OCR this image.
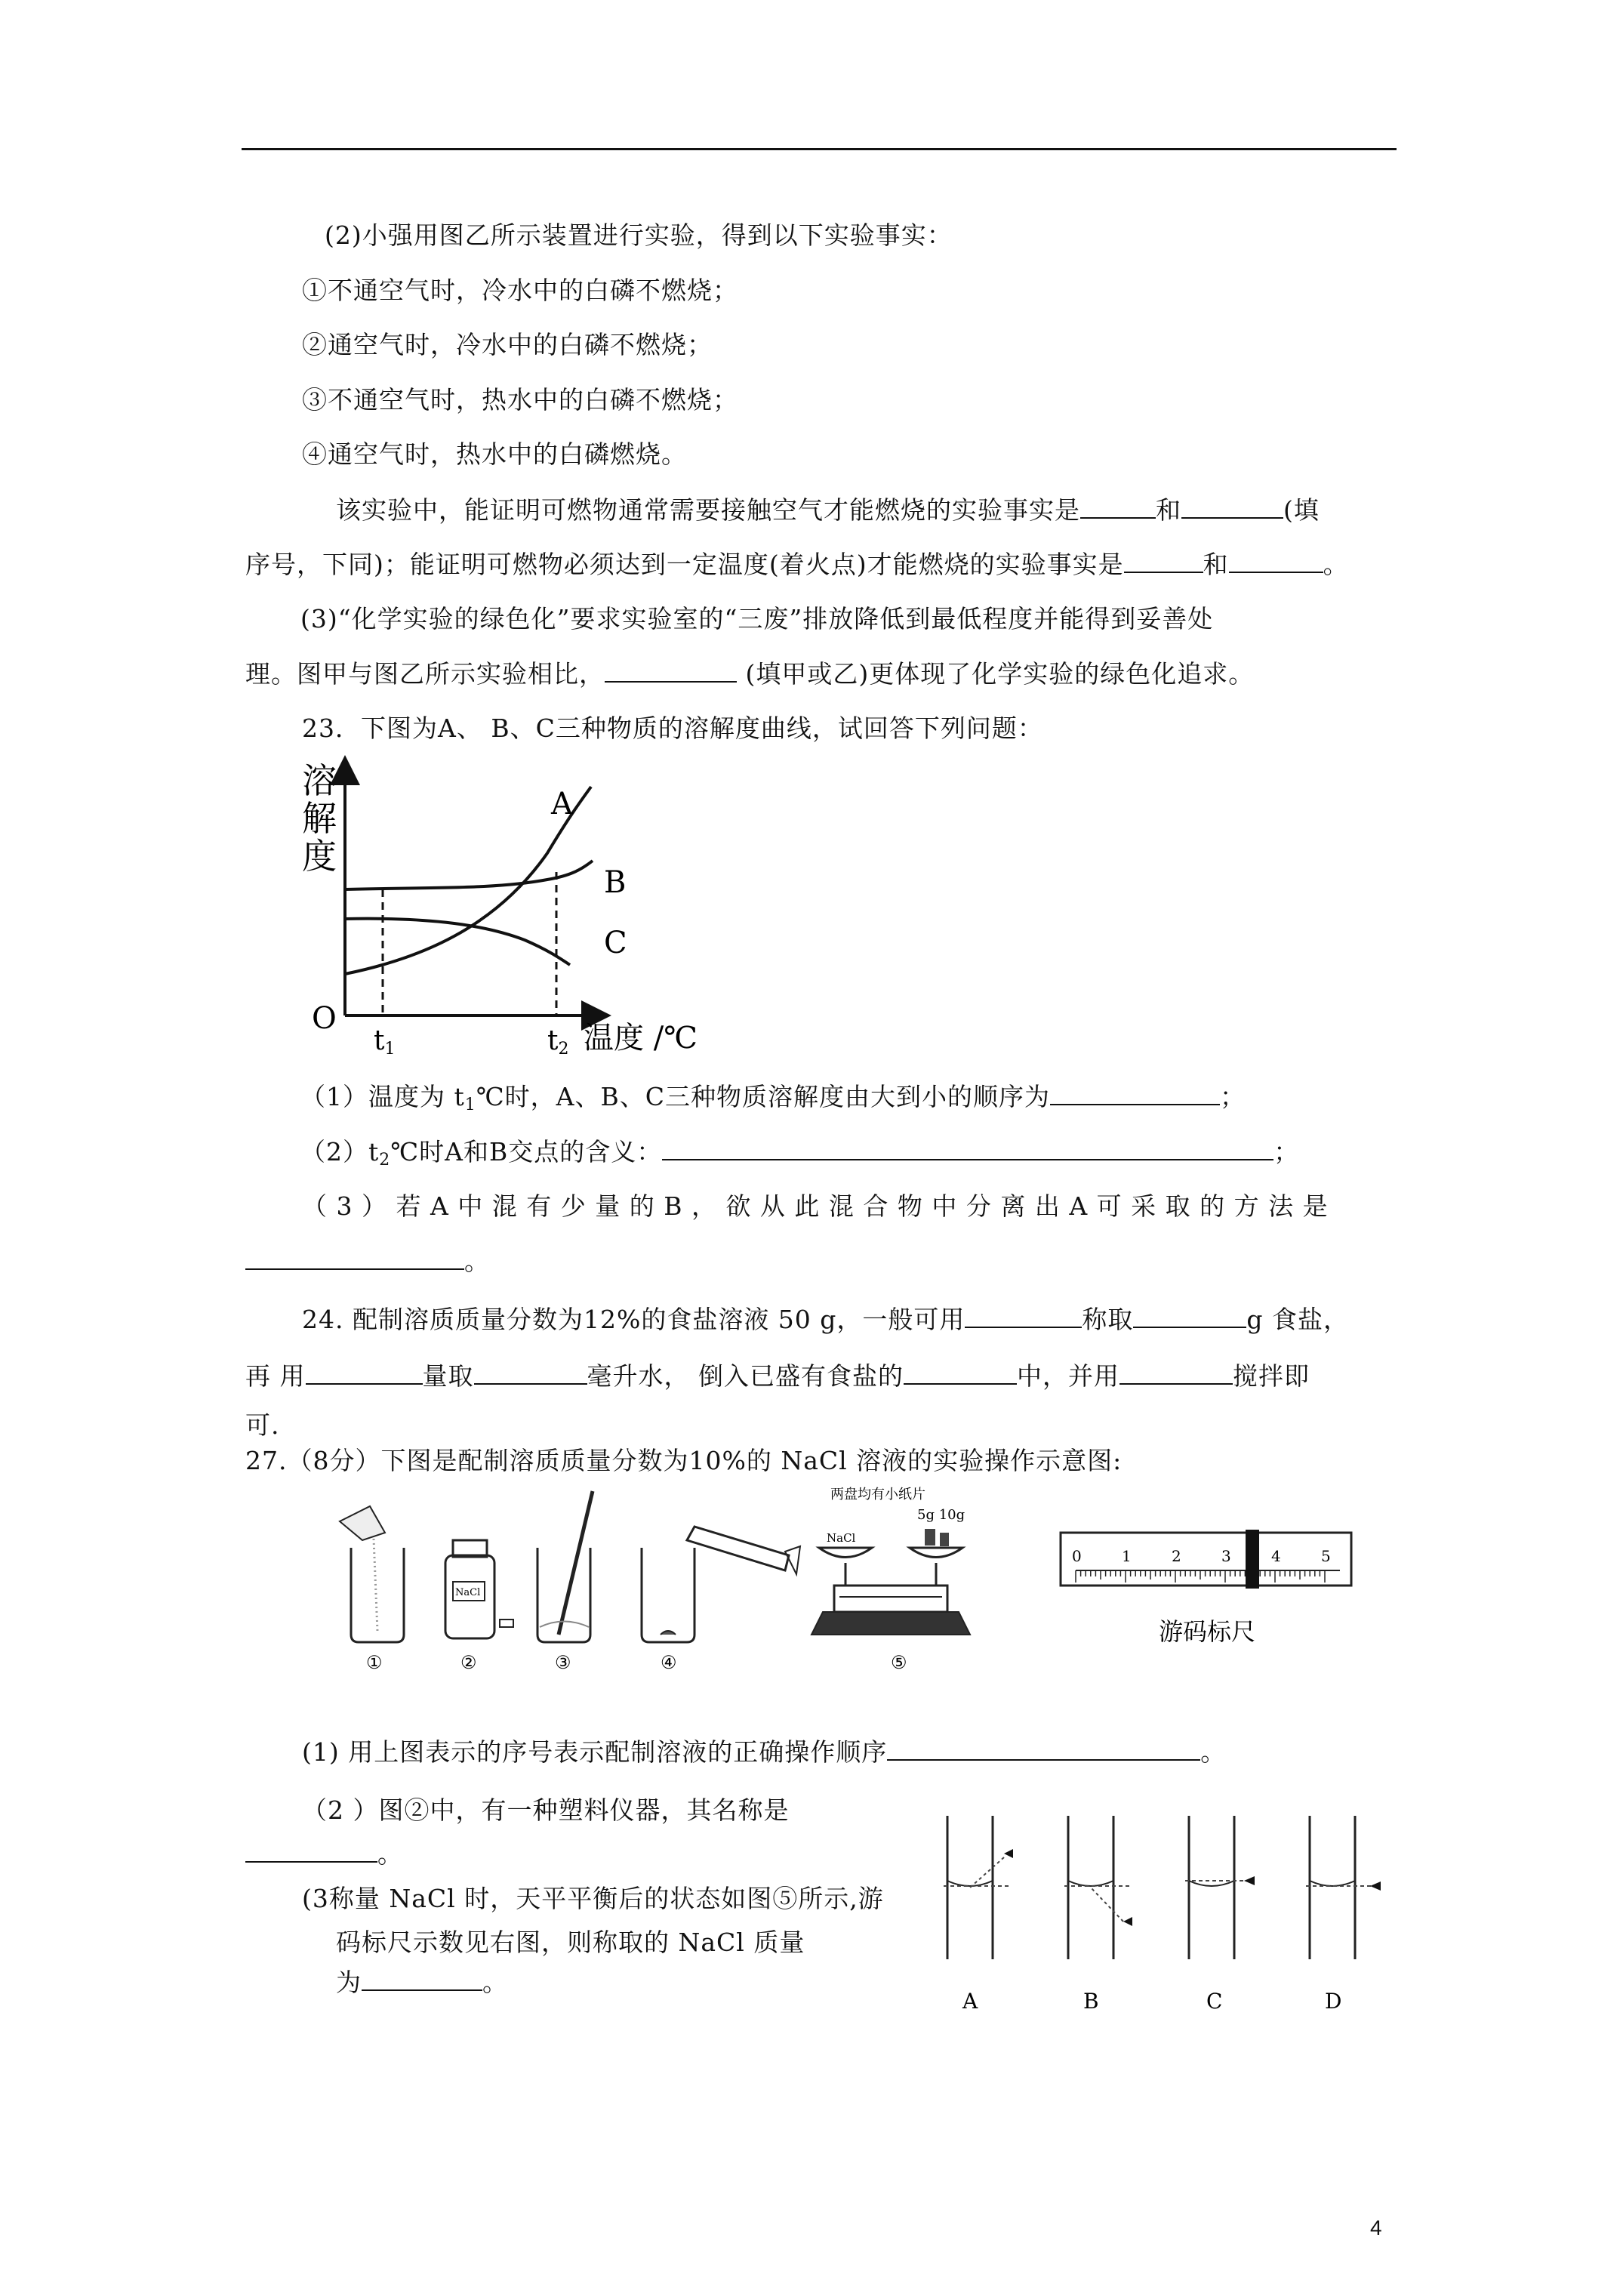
(2)小强用图乙所示装置进行实验，得到以下实验事实：
①不通空气时，冷水中的白磷不燃烧；
②通空气时，冷水中的白磷不燃烧；
③不通空气时，热水中的白磷不燃烧；
④通空气时，热水中的白磷燃烧。
该实验中，能证明可燃物通常需要接触空气才能燃烧的实验事实是	和	(填
序号，下同)；能证明可燃物必须达到一定温度(着火点)才能燃烧的实验事实是	和	。
(3)“化学实验的绿色化”要求实验室的“三废”排放降低到最低程度并能得到妥善处
理。图甲与图乙所示实验相比，	(填甲或乙)更体现了化学实验的绿色化追求。
23．下图为A、 B、C三种物质的溶解度曲线，试回答下列问题：
溶
解
度
A
B
C
O
t1	t2 温度 /℃
（1）温度为 $t_1℃$时，A、B、C三种物质溶解度由大到小的顺序为	；
$(2)t_2℃$时A和B交点的含义：	；
（ 3 ） 若 A 中 混 有 少 量 的 B ， 欲 从 此 混 合 物 中 分 离 出 A 可 采 取 的 方 法 是
。
24. 配制溶质质量分数为12%的食盐溶液 50 g，一般可用	称取	g 食盐，
再 用	量取	毫升水， 倒入已盛有食盐的	中，并用	搅拌即
可.
27.（8分）下图是配制溶质质量分数为10%的 NaCl 溶液的实验操作示意图:
①
NaCl
②	③	④
两盘均有小纸片
5g 10g
NaCl
⑤
0	1	2	3	4	5
游码标尺
(1) 用上图表示的序号表示配制溶液的正确操作顺序	。
（2 ）图②中，有一种塑料仪器，其名称是
。
(3称量 NaCl 时，天平平衡后的状态如图⑤所示,游
码标尺示数见右图，则称取的 NaCl 质量
为	。
A	B	C	D
4
